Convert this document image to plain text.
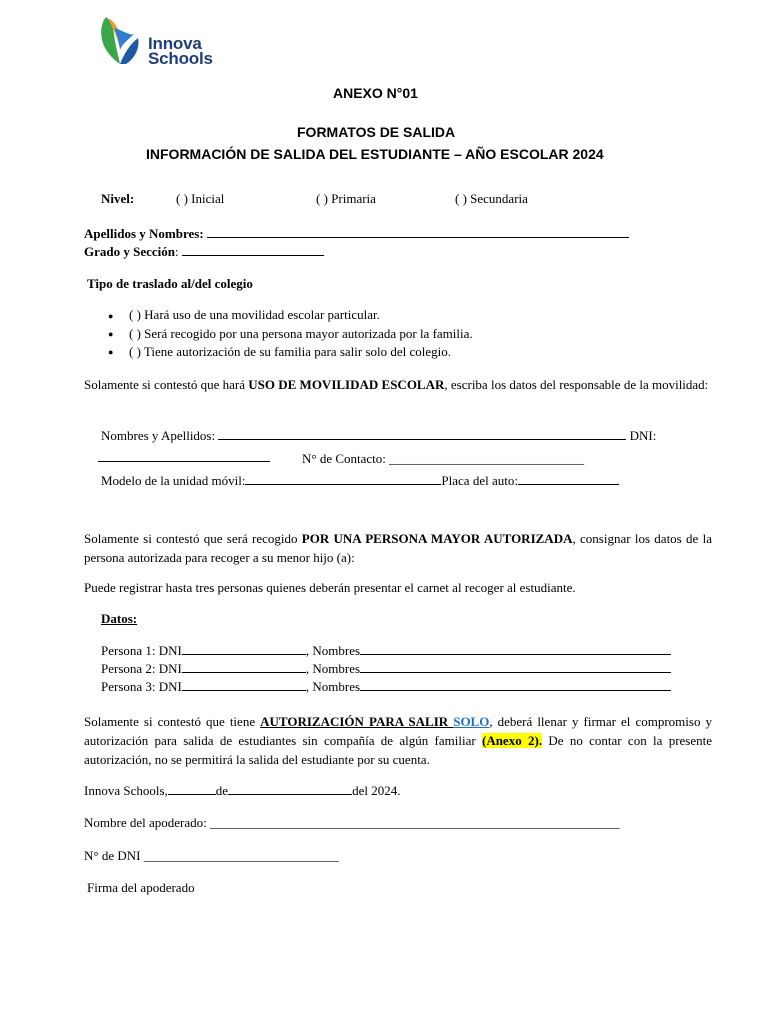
Innova
Schools
ANEXO N°01
FORMATOS DE SALIDA
INFORMACIÓN DE SALIDA DEL ESTUDIANTE – AÑO ESCOLAR 2024
Nivel:	( ) Inicial	( ) Primaria	( ) Secundaria
Apellidos y Nombres:
Grado y Sección:
Tipo de traslado al/del colegio
● ( ) Hará uso de una movilidad escolar particular.
● ( ) Será recogido por una persona mayor autorizada por la familia.
● ( ) Tiene autorización de su familia para salir solo del colegio.
Solamente si contestó que hará USO DE MOVILIDAD ESCOLAR, escriba los datos del responsable de la movilidad:
Nombres y Apellidos:	DNI:
N° de Contacto: ______________________________
Modelo de la unidad móvil:	Placa del auto:
Solamente si contestó que será recogido POR UNA PERSONA MAYOR AUTORIZADA, consignar los datos de la persona autorizada para recoger a su menor hijo (a):
Puede registrar hasta tres personas quienes deberán presentar el carnet al recoger al estudiante.
Datos:
Persona 1: DNI	, Nombres
Persona 2: DNI	, Nombres
Persona 3: DNI	, Nombres
Solamente si contestó que tiene AUTORIZACIÓN PARA SALIR SOLO, deberá llenar y firmar el compromiso y autorización para salida de estudiantes sin compañía de algún familiar (Anexo 2). De no contar con la presente autorización, no se permitirá la salida del estudiante por su cuenta.
Innova Schools,	de	del 2024.
Nombre del apoderado: _______________________________________________________________
N° de DNI ______________________________
Firma del apoderado
